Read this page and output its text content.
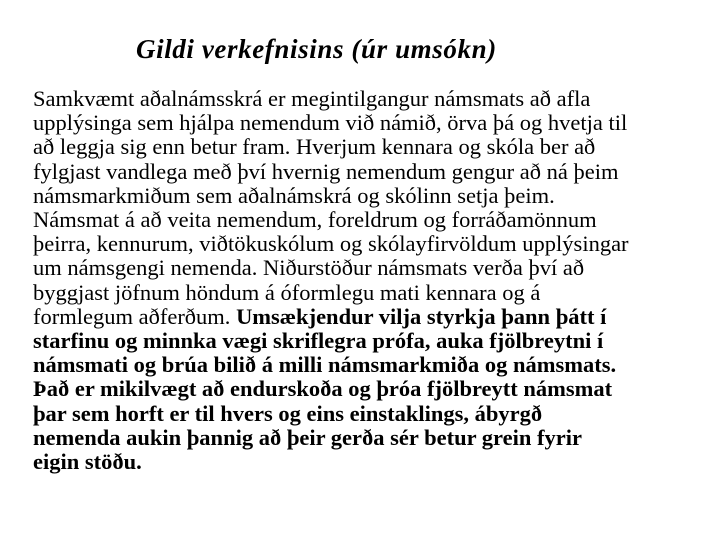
Gildi verkefnisins (úr umsókn)
Samkvæmt aðalnámsskrá er megintilgangur námsmats að afla
upplýsinga sem hjálpa nemendum við námið, örva þá og hvetja til
að leggja sig enn betur fram. Hverjum kennara og skóla ber að
fylgjast vandlega með því hvernig nemendum gengur að ná þeim
námsmarkmiðum sem aðalnámskrá og skólinn setja þeim.
Námsmat á að veita nemendum, foreldrum og forráðamönnum
þeirra, kennurum, viðtökuskólum og skólayfirvöldum upplýsingar
um námsgengi nemenda. Niðurstöður námsmats verða því að
byggjast jöfnum höndum á óformlegu mati kennara og á
formlegum aðferðum. Umsækjendur vilja styrkja þann þátt í
starfinu og minnka vægi skriflegra prófa, auka fjölbreytni í
námsmati og brúa bilið á milli námsmarkmiða og námsmats.
Það er mikilvægt að endurskoða og þróa fjölbreytt námsmat
þar sem horft er til hvers og eins einstaklings, ábyrgð
nemenda aukin þannig að þeir gerða sér betur grein fyrir
eigin stöðu.
